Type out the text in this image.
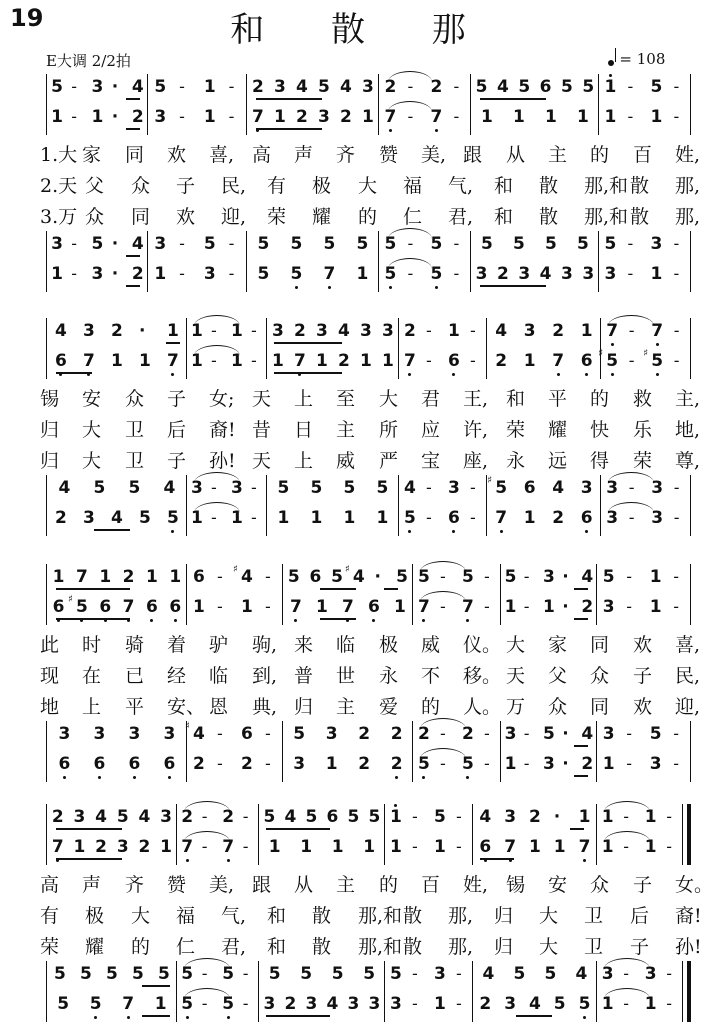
19	和 散 那
E大调 2/2拍	= 108
5 - 3 · 4 5 - 1 - 2 3 4 5 4 3 2 - 2 - 5 4 5 6 5 5 1 - 5 -
1 - 1 · 2 3 - 1 - 7 1 2 3 2 1 7 - 7 - 1 1 1 1 1 - 1 -
1.大 家 同 欢 喜, 高 声 齐 赞 美, 跟 从 主 的 百 姓,
2.天 父 众 子 民, 有 极 大 福 气, 和 散 那,和 散 那,
3.万 众 同 欢 迎, 荣 耀 的 仁 君, 和 散 那,和 散 那,
3 - 5 · 4 3 - 5 - 5 5 5 5 5 - 5 - 5 5 5 5 5 - 3 -
1 - 3 · 2 1 - 3 - 5 5 7 1 5 - 5 - 3 2 3 4 3 3 3 - 1 -
4 3 2 · 1 1 - 1 - 3 2 3 4 3 3 2 - 1 - 4 3 2 1 7 - 7 -
6 7 1 1 7 1 - 1 - 1 7 1 2 1 1 7 - 6 - 2 1 7 6 5
♯ - 5
♯ -
锡 安 众 子 女; 天 上 至 大 君 王, 和 平 的 救 主,
归 大 卫 后 裔! 昔 日 主 所 应 许, 荣 耀 快 乐 地,
归 大 卫 子 孙! 天 上 威 严 宝 座, 永 远 得 荣 尊,
4 5 5 4 3 - 3 - 5 5 5 5 4 - 3 - 5
♯ 6 4 3 3 - 3 -
2 3 4 5 5 1 - 1 - 1 1 1 1 5 - 6 - 7 1 2 6 3 - 3 -
1 7 1 2 1 1 6 - 4
♯ - 5 6 5 4
♯ · 5 5 - 5 - 5 - 3 · 4 5 - 1 -
6 5
♯ 6 7 6 6 1 - 1 - 7 1 7 6 1 7 - 7 - 1 - 1 · 2 3 - 1 -
此 时 骑 着 驴 驹, 来 临 极 威 仪。 大 家 同 欢 喜,
现 在 已 经 临 到, 普 世 永 不 移。 天 父 众 子 民,
地 上 平 安、 恩 典, 归 主 爱 的 人。 万 众 同 欢 迎,
3 3 3 3 4
♯ - 6 - 5 3 2 2 2 - 2 - 3 - 5 · 4 3 - 5 -
6 6 6 6 2 - 2 - 3 1 2 2 5 - 5 - 1 - 3 · 2 1 - 3 -
2 3 4 5 4 3 2 - 2 - 5 4 5 6 5 5 1 - 5 - 4 3 2 · 1 1 - 1 -
7 1 2 3 2 1 7 - 7 - 1 1 1 1 1 - 1 - 6 7 1 1 7 1 - 1 -
高 声 齐 赞 美, 跟 从 主 的 百 姓, 锡 安 众 子 女。
有 极 大 福 气, 和 散 那,和 散 那, 归 大 卫 后 裔!
荣 耀 的 仁 君, 和 散 那,和 散 那, 归 大 卫 子 孙!
5 5 5 5 5 5 - 5 - 5 5 5 5 5 - 3 - 4 5 5 4 3 - 3 -
5 5 7 1 5 - 5 - 3 2 3 4 3 3 3 - 1 - 2 3 4 5 5 1 - 1 -
